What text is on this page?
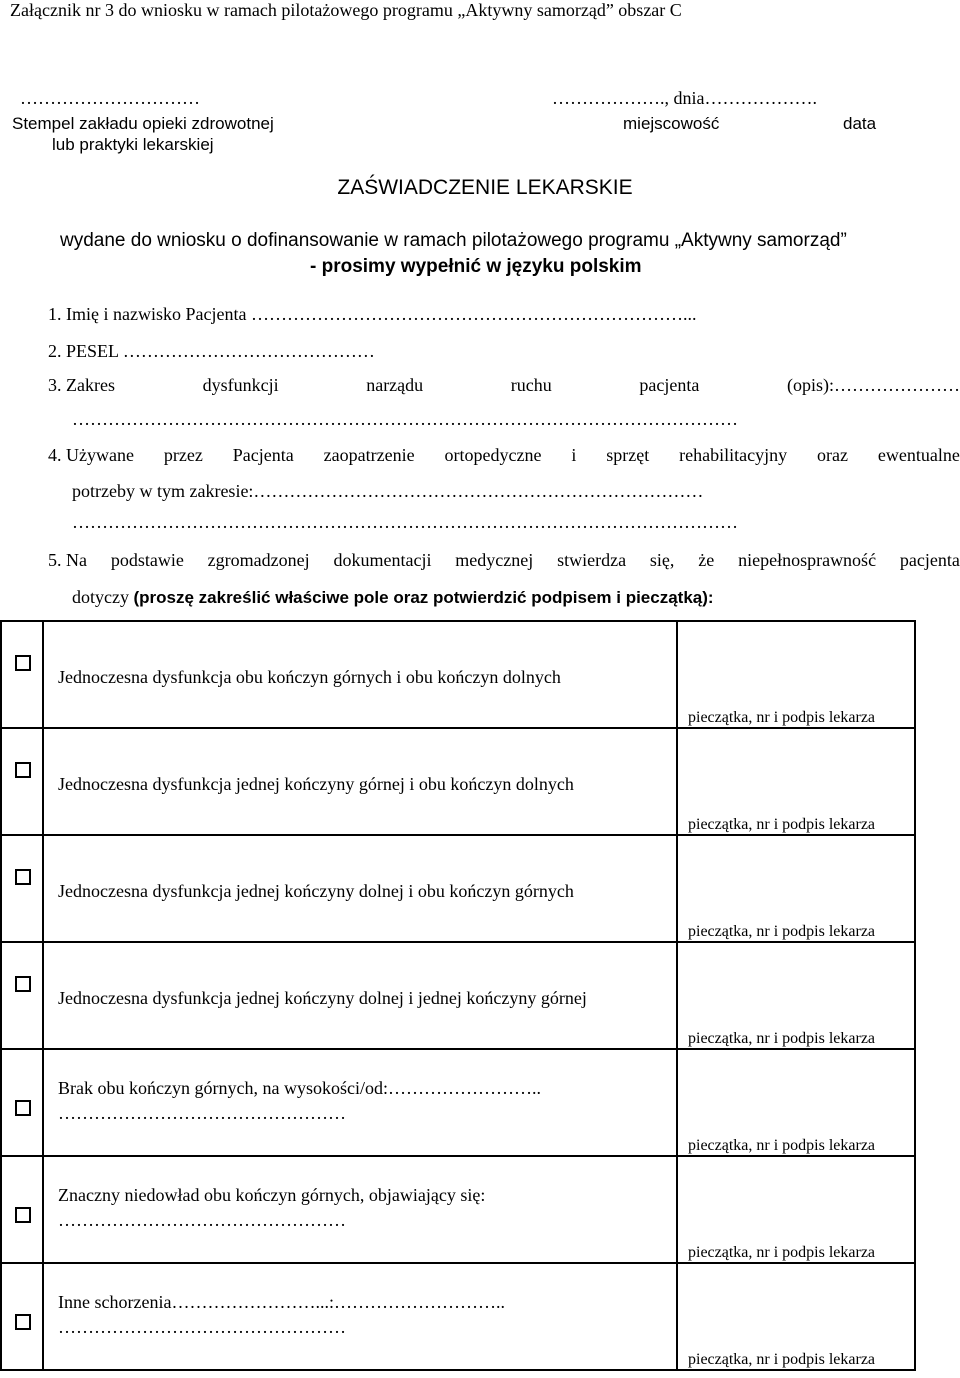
Załącznik nr 3 do wniosku w ramach pilotażowego programu „Aktywny samorząd” obszar C
…………………………	………………., dnia……………….
Stempel zakładu opieki zdrowotnej
lub praktyki lekarskiej
miejscowość	data
ZAŚWIADCZENIE LEKARSKIE
wydane do wniosku o dofinansowanie w ramach pilotażowego programu „Aktywny samorząd”
- prosimy wypełnić w języku polskim
1. Imię i nazwisko Pacjenta ………………………………………………………………...
2. PESEL ……………………………………
3. Zakres	dysfunkcji	narządu	ruchu	pacjenta	(opis):…………………
…………………………………………………………………………………………………
4. Używane przez Pacjenta zaopatrzenie ortopedyczne i sprzęt rehabilitacyjny oraz ewentualne
potrzeby w tym zakresie:…………………………………………………………………
…………………………………………………………………………………………………
5. Na podstawie zgromadzonej dokumentacji medycznej stwierdza się, że niepełnosprawność pacjenta
dotyczy (proszę zakreślić właściwe pole oraz potwierdzić podpisem i pieczątką):

	Jednoczesna dysfunkcja obu kończyn górnych i obu kończyn dolnych	pieczątka, nr i podpis lekarza

	Jednoczesna dysfunkcja jednej kończyny górnej i obu kończyn dolnych	pieczątka, nr i podpis lekarza

	Jednoczesna dysfunkcja jednej kończyny dolnej i obu kończyn górnych	pieczątka, nr i podpis lekarza

	Jednoczesna dysfunkcja jednej kończyny dolnej i jednej kończyny górnej	pieczątka, nr i podpis lekarza

	Brak obu kończyn górnych, na wysokości/od:……………………..
…………………………………………	pieczątka, nr i podpis lekarza

	Znaczny niedowład obu kończyn górnych, objawiający się:
…………………………………………	pieczątka, nr i podpis lekarza

	Inne schorzenia……………………...:………………………..
…………………………………………	pieczątka, nr i podpis lekarza
